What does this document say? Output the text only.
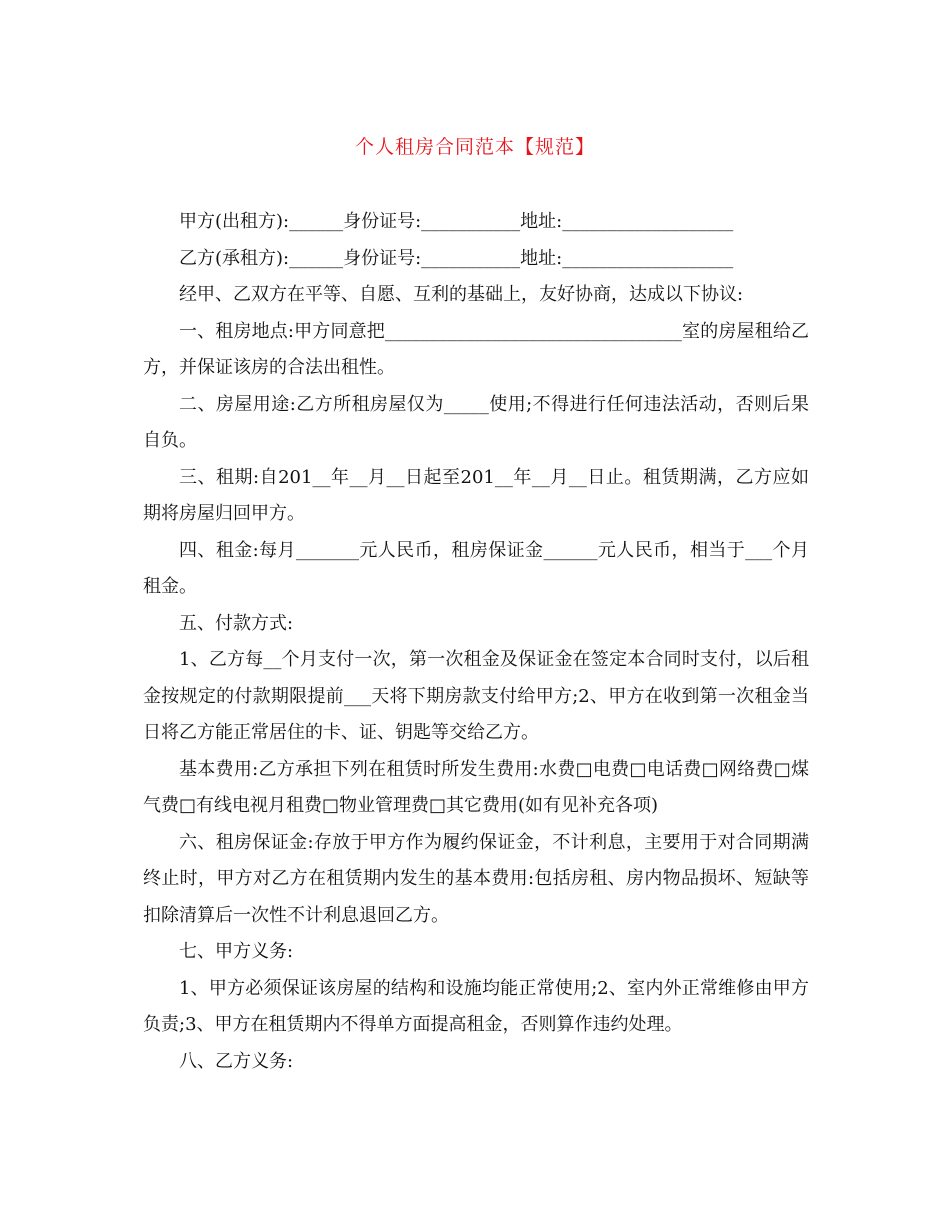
个人租房合同范本【规范】

甲方(出租方):______身份证号:___________地址:___________________

乙方(承租方):______身份证号:___________地址:___________________

经甲、乙双方在平等、自愿、互利的基础上，友好协商，达成以下协议:

一、租房地点:甲方同意把_________________________________室的房屋租给乙方，并保证该房的合法出租性。

二、房屋用途:乙方所租房屋仅为_____使用;不得进行任何违法活动，否则后果自负。

三、租期:自201__年__月__日起至201__年__月__日止。租赁期满，乙方应如期将房屋归回甲方。

四、租金:每月_______元人民币，租房保证金______元人民币，相当于___个月租金。

五、付款方式:

1、乙方每__个月支付一次，第一次租金及保证金在签定本合同时支付，以后租金按规定的付款期限提前___天将下期房款支付给甲方;2、甲方在收到第一次租金当日将乙方能正常居住的卡、证、钥匙等交给乙方。

基本费用:乙方承担下列在租赁时所发生费用:水费□电费□电话费□网络费□煤气费□有线电视月租费□物业管理费□其它费用(如有见补充各项)

六、租房保证金:存放于甲方作为履约保证金，不计利息，主要用于对合同期满终止时，甲方对乙方在租赁期内发生的基本费用:包括房租、房内物品损坏、短缺等扣除清算后一次性不计利息退回乙方。

七、甲方义务:

1、甲方必须保证该房屋的结构和设施均能正常使用;2、室内外正常维修由甲方负责;3、甲方在租赁期内不得单方面提高租金，否则算作违约处理。

八、乙方义务:
